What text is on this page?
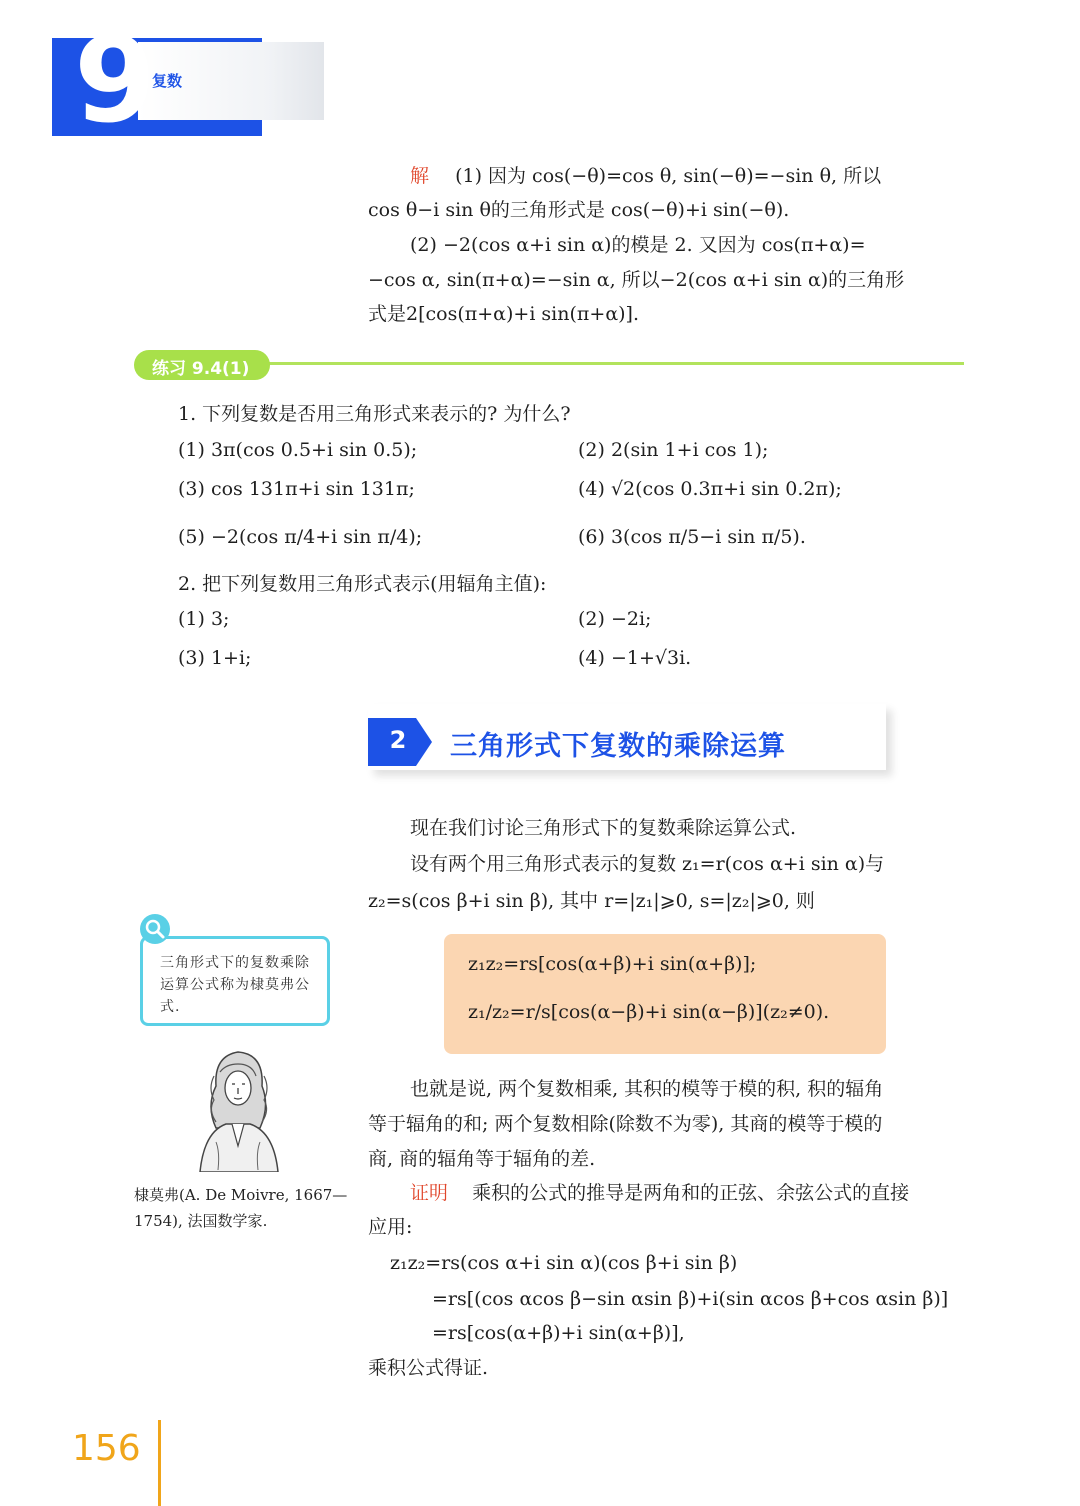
9
复数
解 (1) 因为 cos(−θ)=cos θ, sin(−θ)=−sin θ, 所以
cos θ−i sin θ的三角形式是 cos(−θ)+i sin(−θ).
(2) −2(cos α+i sin α)的模是 2. 又因为 cos(π+α)=
−cos α, sin(π+α)=−sin α, 所以−2(cos α+i sin α)的三角形
式是2[cos(π+α)+i sin(π+α)].
练习 9.4(1)
1. 下列复数是否用三角形式来表示的? 为什么?
(1) 3π(cos 0.5+i sin 0.5);	(2) 2(sin 1+i cos 1);
(3) cos 131π+i sin 131π;	(4) √2(cos 0.3π+i sin 0.2π);
(5) −2(cos π/4+i sin π/4);	(6) 3(cos π/5−i sin π/5).
2. 把下列复数用三角形式表示(用辐角主值):
(1) 3;	(2) −2i;
(3) 1+i;	(4) −1+√3i.
2 三角形式下复数的乘除运算
现在我们讨论三角形式下的复数乘除运算公式.
设有两个用三角形式表示的复数 z₁=r(cos α+i sin α)与
z₂=s(cos β+i sin β), 其中 r=|z₁|⩾0, s=|z₂|⩾0, 则
z₁z₂=rs[cos(α+β)+i sin(α+β)];
z₁/z₂=r/s[cos(α−β)+i sin(α−β)](z₂≠0).
三角形式下的复数乘除运算公式称为棣莫弗公式.
棣莫弗(A. De Moivre, 1667—1754), 法国数学家.
也就是说, 两个复数相乘, 其积的模等于模的积, 积的辐角
等于辐角的和; 两个复数相除(除数不为零), 其商的模等于模的
商, 商的辐角等于辐角的差.
证明 乘积的公式的推导是两角和的正弦、余弦公式的直接
应用:
z₁z₂=rs(cos α+i sin α)(cos β+i sin β)
=rs[(cos αcos β−sin αsin β)+i(sin αcos β+cos αsin β)]
=rs[cos(α+β)+i sin(α+β)],
乘积公式得证.
156
